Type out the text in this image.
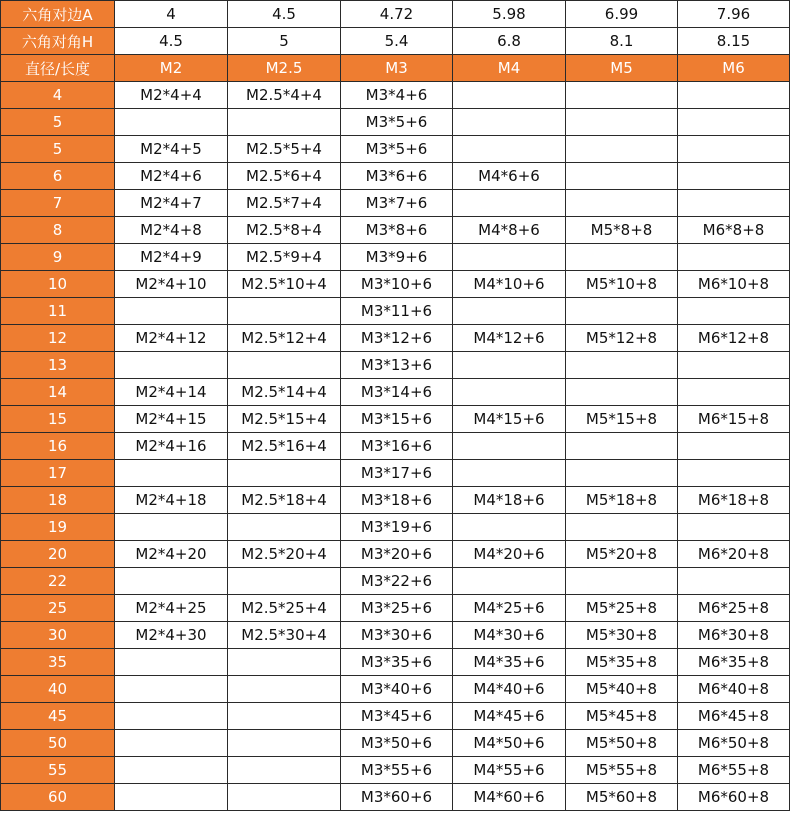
六角对边A	4	4.5	4.72	5.98	6.99	7.96
六角对角H	4.5	5	5.4	6.8	8.1	8.15
直径/长度	M2	M2.5	M3	M4	M5	M6
4	M2*4+4	M2.5*4+4	M3*4+6			
5			M3*5+6			
5	M2*4+5	M2.5*5+4	M3*5+6			
6	M2*4+6	M2.5*6+4	M3*6+6	M4*6+6		
7	M2*4+7	M2.5*7+4	M3*7+6			
8	M2*4+8	M2.5*8+4	M3*8+6	M4*8+6	M5*8+8	M6*8+8
9	M2*4+9	M2.5*9+4	M3*9+6			
10	M2*4+10	M2.5*10+4	M3*10+6	M4*10+6	M5*10+8	M6*10+8
11			M3*11+6			
12	M2*4+12	M2.5*12+4	M3*12+6	M4*12+6	M5*12+8	M6*12+8
13			M3*13+6			
14	M2*4+14	M2.5*14+4	M3*14+6			
15	M2*4+15	M2.5*15+4	M3*15+6	M4*15+6	M5*15+8	M6*15+8
16	M2*4+16	M2.5*16+4	M3*16+6			
17			M3*17+6			
18	M2*4+18	M2.5*18+4	M3*18+6	M4*18+6	M5*18+8	M6*18+8
19			M3*19+6			
20	M2*4+20	M2.5*20+4	M3*20+6	M4*20+6	M5*20+8	M6*20+8
22			M3*22+6			
25	M2*4+25	M2.5*25+4	M3*25+6	M4*25+6	M5*25+8	M6*25+8
30	M2*4+30	M2.5*30+4	M3*30+6	M4*30+6	M5*30+8	M6*30+8
35			M3*35+6	M4*35+6	M5*35+8	M6*35+8
40			M3*40+6	M4*40+6	M5*40+8	M6*40+8
45			M3*45+6	M4*45+6	M5*45+8	M6*45+8
50			M3*50+6	M4*50+6	M5*50+8	M6*50+8
55			M3*55+6	M4*55+6	M5*55+8	M6*55+8
60			M3*60+6	M4*60+6	M5*60+8	M6*60+8
